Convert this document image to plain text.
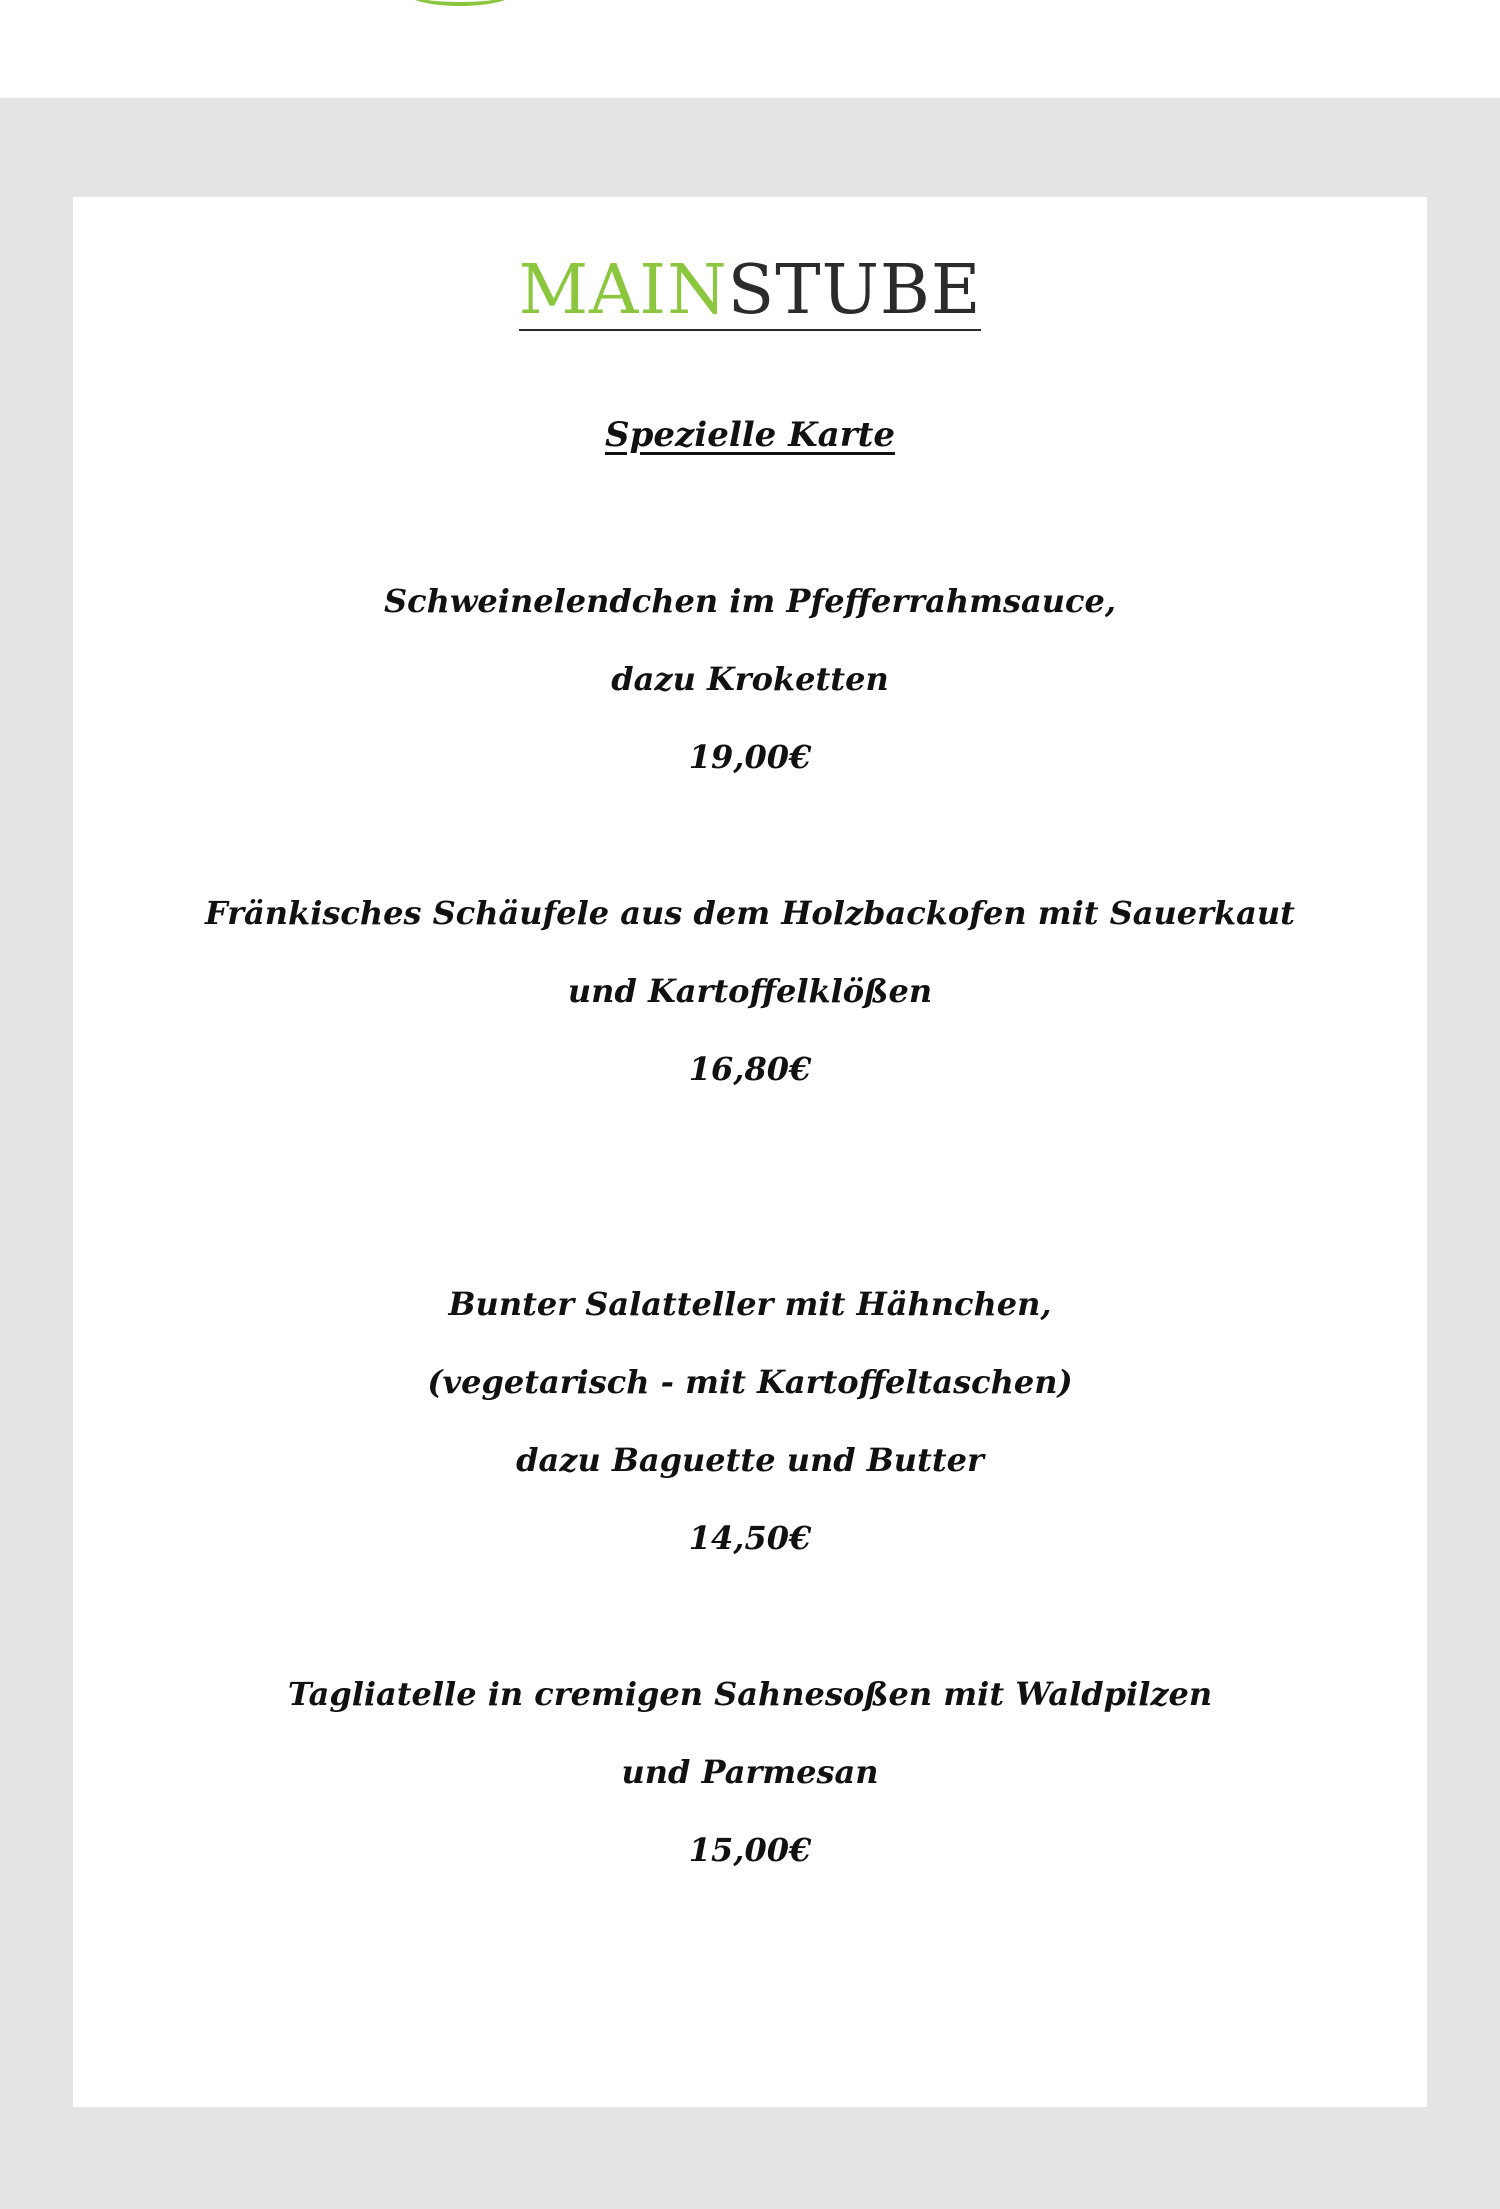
MAINSTUBE
Spezielle Karte
Schweinelendchen im Pfefferrahmsauce,
dazu Kroketten
19,00€
Fränkisches Schäufele aus dem Holzbackofen mit Sauerkaut
und Kartoffelklößen
16,80€
Bunter Salatteller mit Hähnchen,
(vegetarisch - mit Kartoffeltaschen)
dazu Baguette und Butter
14,50€
Tagliatelle in cremigen Sahnesoßen mit Waldpilzen
und Parmesan
15,00€
